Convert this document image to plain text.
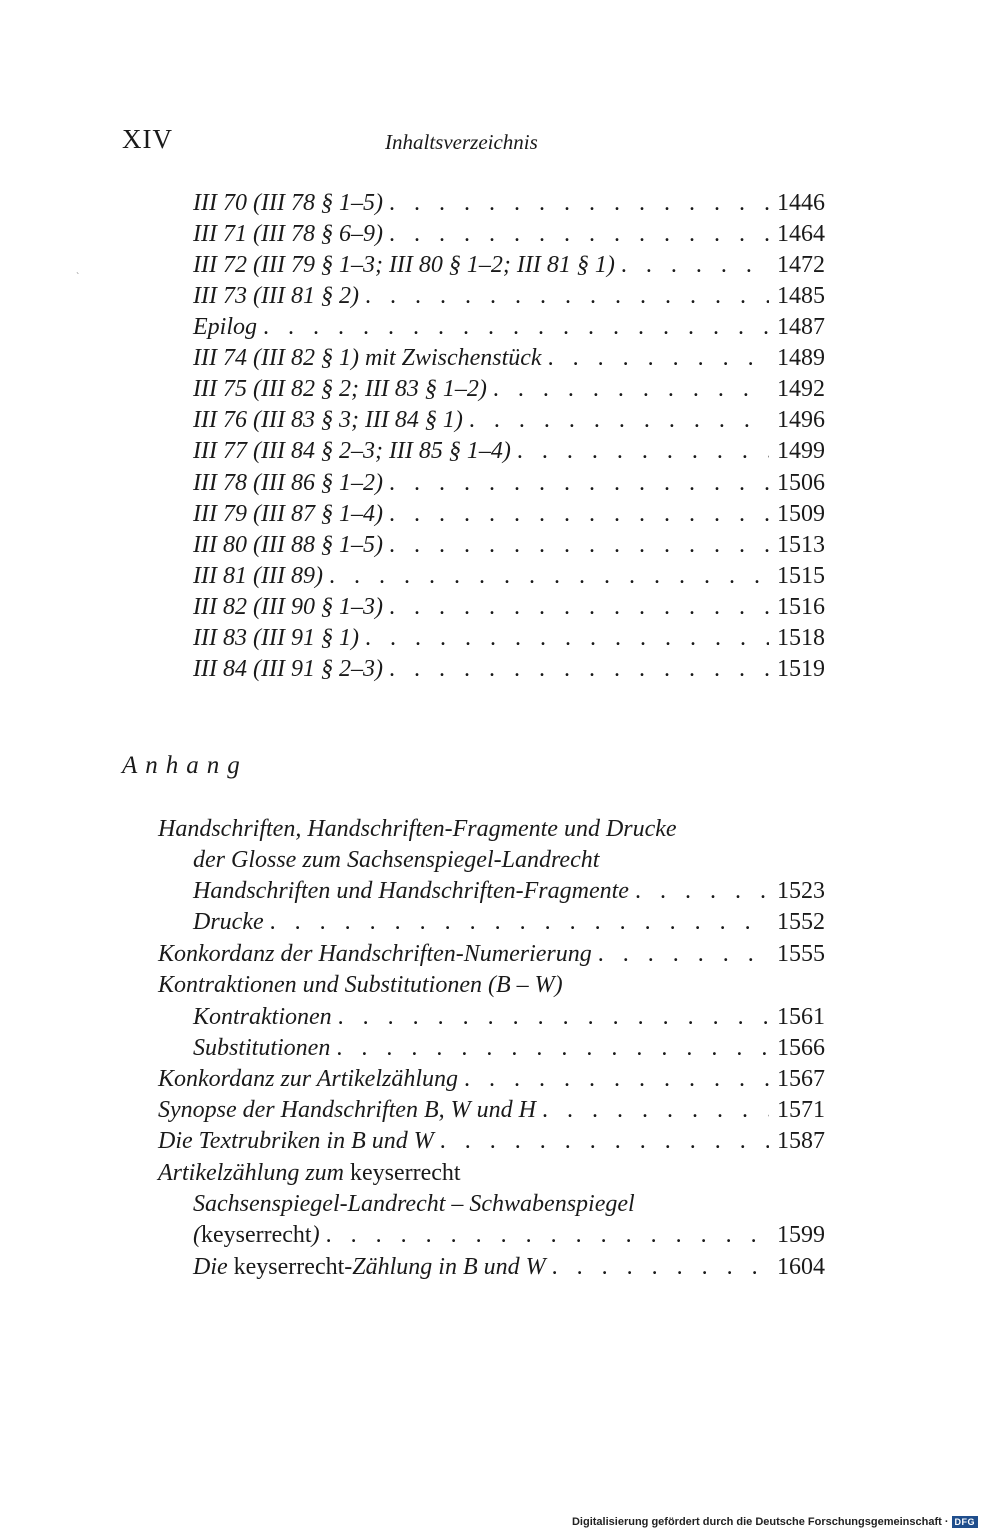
XIV	Inhaltsverzeichnis
`
III 70 (III 78 § 1–5) . . .	1446
III 71 (III 78 § 6–9) . . .	1464
III 72 (III 79 § 1–3; III 80 § 1–2; III 81 § 1) . . .	1472
III 73 (III 81 § 2) . . .	1485
Epilog . . .	1487
III 74 (III 82 § 1) mit Zwischenstück . . .	1489
III 75 (III 82 § 2; III 83 § 1–2) . . .	1492
III 76 (III 83 § 3; III 84 § 1) . . .	1496
III 77 (III 84 § 2–3; III 85 § 1–4) . . .	1499
III 78 (III 86 § 1–2) . . .	1506
III 79 (III 87 § 1–4) . . .	1509
III 80 (III 88 § 1–5) . . .	1513
III 81 (III 89) . . .	1515
III 82 (III 90 § 1–3) . . .	1516
III 83 (III 91 § 1) . . .	1518
III 84 (III 91 § 2–3) . . .	1519
Anhang
Handschriften, Handschriften-Fragmente und Drucke
der Glosse zum Sachsenspiegel-Landrecht
Handschriften und Handschriften-Fragmente . . .	1523
Drucke . . .	1552
Konkordanz der Handschriften-Numerierung . . .	1555
Kontraktionen und Substitutionen (B – W)
Kontraktionen . . .	1561
Substitutionen . . .	1566
Konkordanz zur Artikelzählung . . .	1567
Synopse der Handschriften B, W und H . . .	1571
Die Textrubriken in B und W . . .	1587
Artikelzählung zum keyserrecht
Sachsenspiegel-Landrecht – Schwabenspiegel
(keyserrecht) . . .	1599
Die keyserrecht-Zählung in B und W . . .	1604
Digitalisierung gefördert durch die Deutsche Forschungsgemeinschaft · DFG
